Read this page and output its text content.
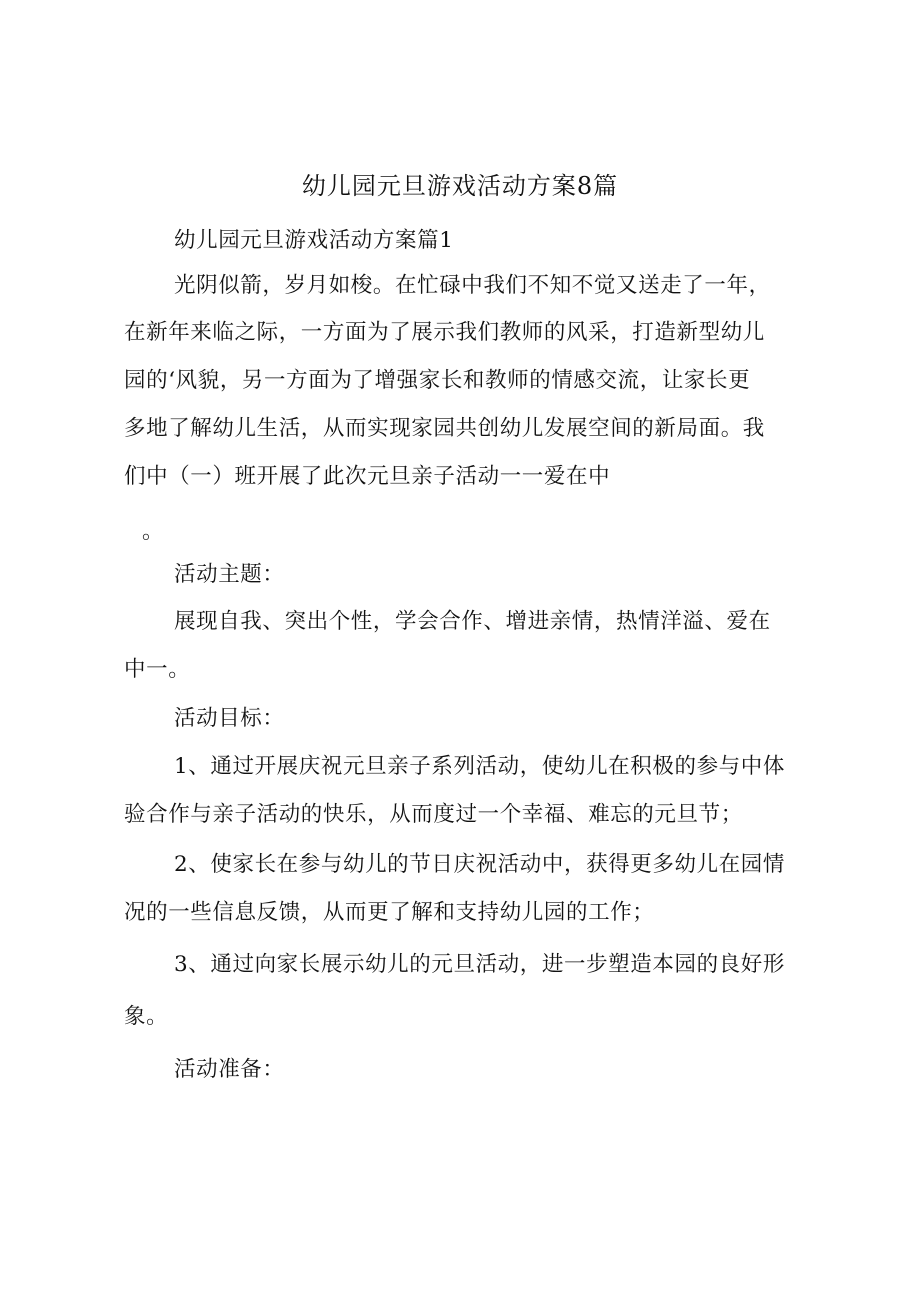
幼儿园元旦游戏活动方案8篇
幼儿园元旦游戏活动方案篇1
光阴似箭，岁月如梭。在忙碌中我们不知不觉又送走了一年，
在新年来临之际，一方面为了展示我们教师的风采，打造新型幼儿
园的‘风貌，另一方面为了增强家长和教师的情感交流，让家长更
多地了解幼儿生活，从而实现家园共创幼儿发展空间的新局面。我
们中（一）班开展了此次元旦亲子活动一一爱在中
。
活动主题：
展现自我、突出个性，学会合作、增进亲情，热情洋溢、爱在
中一。
活动目标：
1、通过开展庆祝元旦亲子系列活动，使幼儿在积极的参与中体
验合作与亲子活动的快乐，从而度过一个幸福、难忘的元旦节；
2、使家长在参与幼儿的节日庆祝活动中，获得更多幼儿在园情
况的一些信息反馈，从而更了解和支持幼儿园的工作；
3、通过向家长展示幼儿的元旦活动，进一步塑造本园的良好形
象。
活动准备：
